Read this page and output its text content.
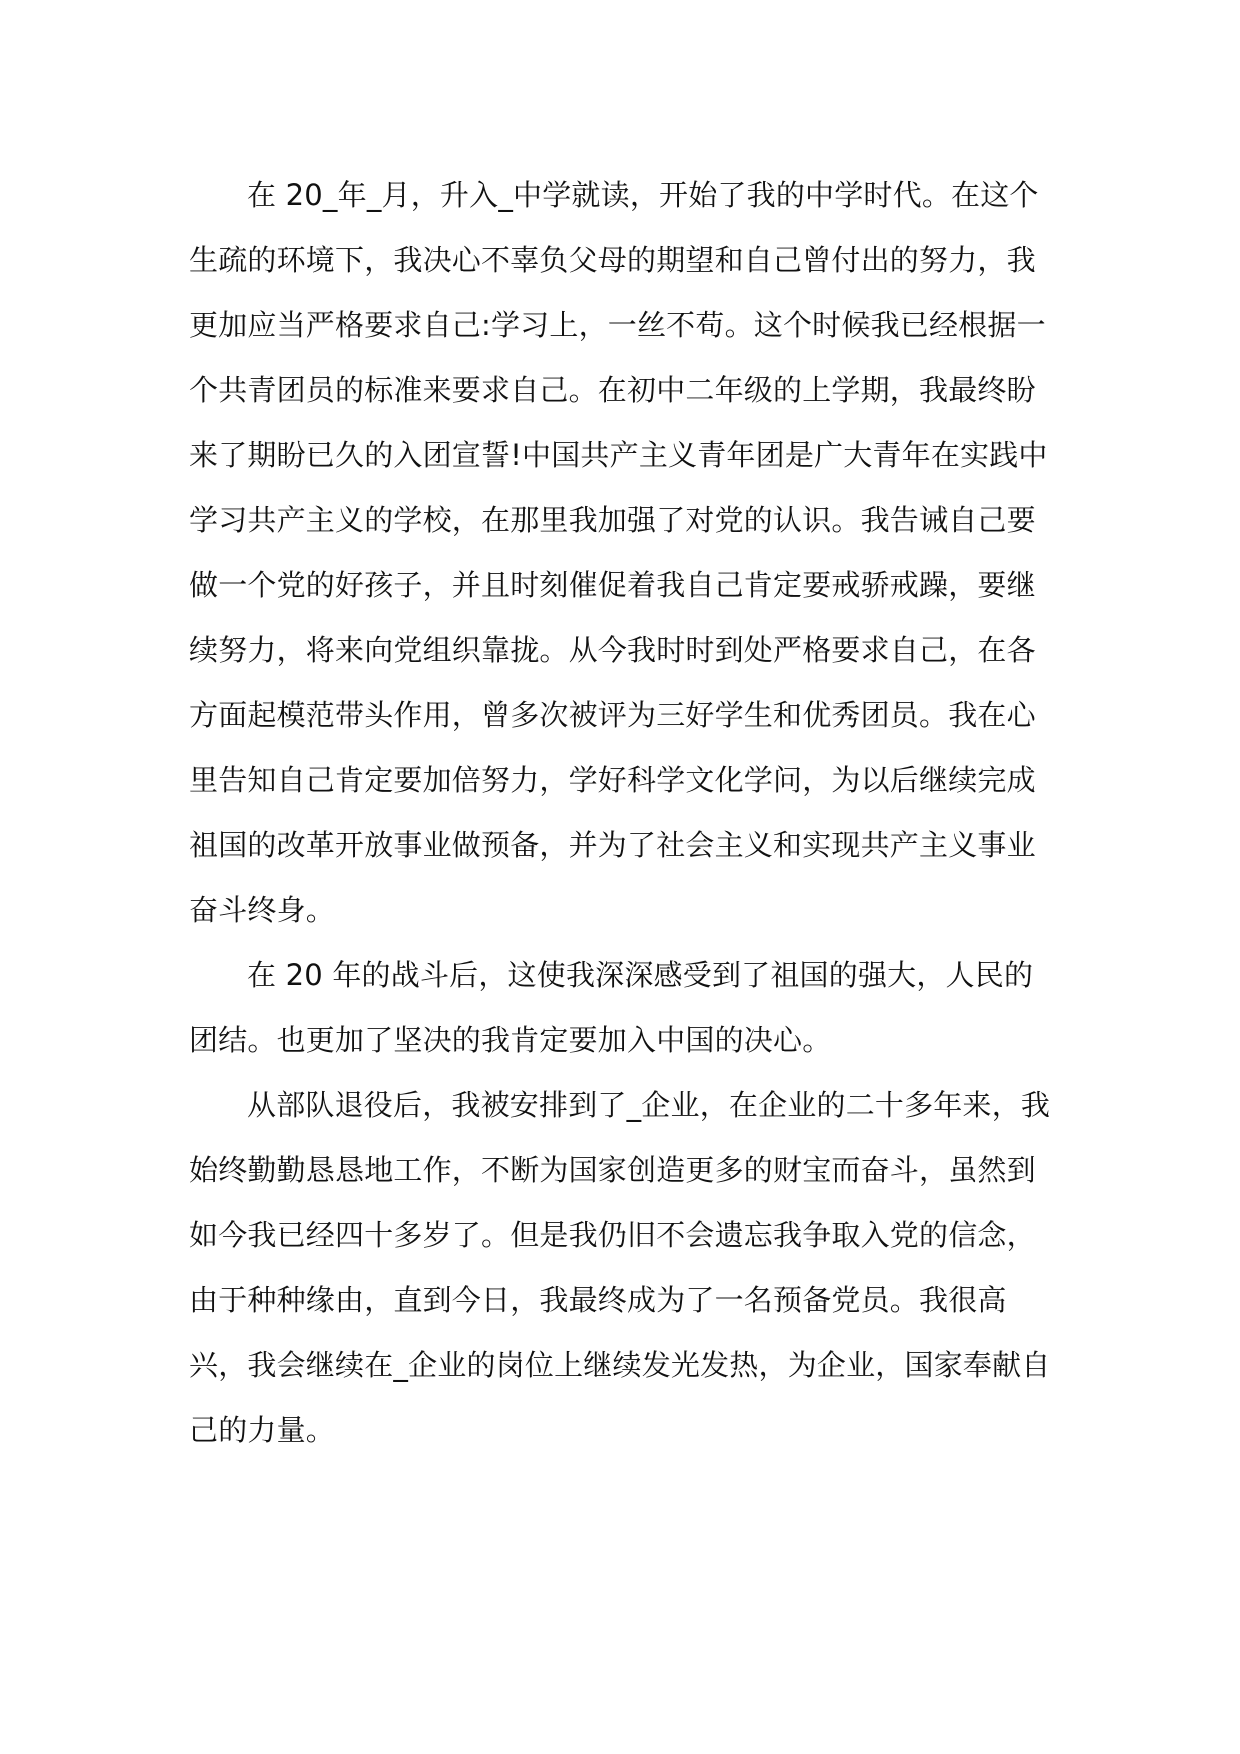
在 20_年_月，升入_中学就读，开始了我的中学时代。在这个
生疏的环境下，我决心不辜负父母的期望和自己曾付出的努力，我
更加应当严格要求自己:学习上，一丝不苟。这个时候我已经根据一
个共青团员的标准来要求自己。在初中二年级的上学期，我最终盼
来了期盼已久的入团宣誓!中国共产主义青年团是广大青年在实践中
学习共产主义的学校，在那里我加强了对党的认识。我告诫自己要
做一个党的好孩子，并且时刻催促着我自己肯定要戒骄戒躁，要继
续努力，将来向党组织靠拢。从今我时时到处严格要求自己，在各
方面起模范带头作用，曾多次被评为三好学生和优秀团员。我在心
里告知自己肯定要加倍努力，学好科学文化学问，为以后继续完成
祖国的改革开放事业做预备，并为了社会主义和实现共产主义事业
奋斗终身。
在 20 年的战斗后，这使我深深感受到了祖国的强大，人民的
团结。也更加了坚决的我肯定要加入中国的决心。
从部队退役后，我被安排到了_企业，在企业的二十多年来，我
始终勤勤恳恳地工作，不断为国家创造更多的财宝而奋斗，虽然到
如今我已经四十多岁了。但是我仍旧不会遗忘我争取入党的信念，
由于种种缘由，直到今日，我最终成为了一名预备党员。我很高
兴，我会继续在_企业的岗位上继续发光发热，为企业，国家奉献自
己的力量。
